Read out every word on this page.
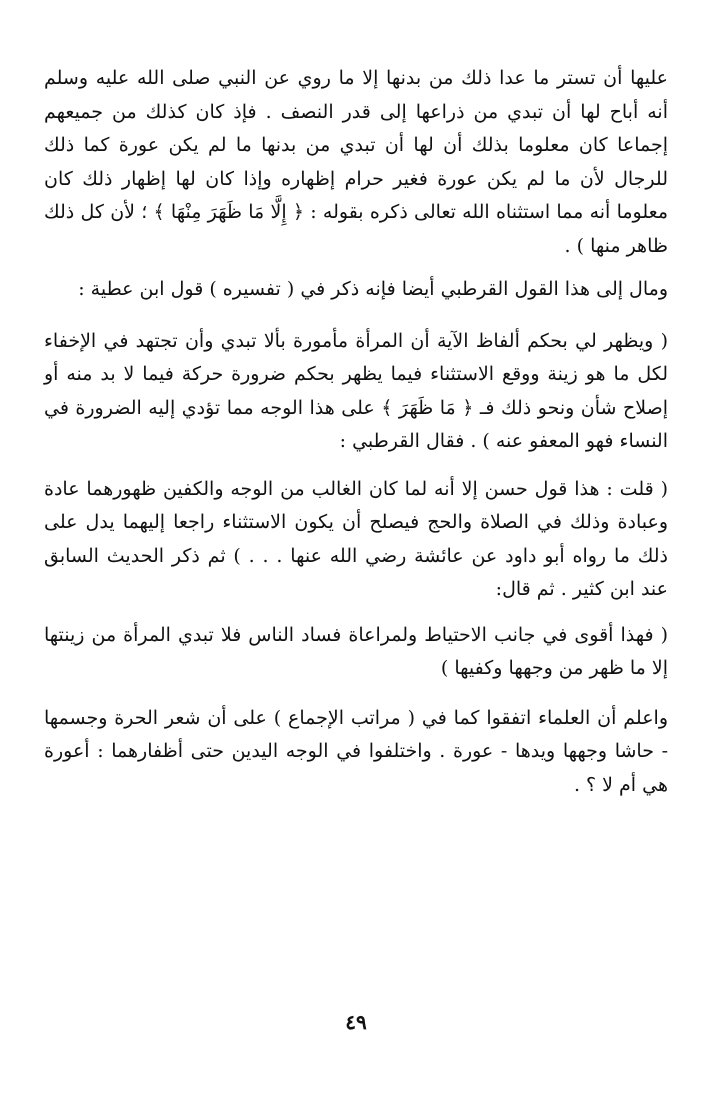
عليها أن تستر ما عدا ذلك من بدنها إلا ما روي عن النبي صلى الله عليه وسلم أنه أباح لها أن تبدي من ذراعها إلى قدر النصف . فإذ كان كذلك من جميعهم إجماعا كان معلوما بذلك أن لها أن تبدي من بدنها ما لم يكن عورة كما ذلك للرجال لأن ما لم يكن عورة فغير حرام إظهاره وإذا كان لها إظهار ذلك كان معلوما أنه مما استثناه الله تعالى ذكره بقوله : ﴿ إِلَّا مَا ظَهَرَ مِنْهَا ﴾ ؛ لأن كل ذلك ظاهر منها ) .

ومال إلى هذا القول القرطبي أيضا فإنه ذكر في ( تفسيره ) قول ابن عطية :

( ويظهر لي بحكم ألفاظ الآية أن المرأة مأمورة بألا تبدي وأن تجتهد في الإخفاء لكل ما هو زينة ووقع الاستثناء فيما يظهر بحكم ضرورة حركة فيما لا بد منه أو إصلاح شأن ونحو ذلك فـ ﴿ مَا ظَهَرَ ﴾ على هذا الوجه مما تؤدي إليه الضرورة في النساء فهو المعفو عنه ) . فقال القرطبي :

( قلت : هذا قول حسن إلا أنه لما كان الغالب من الوجه والكفين ظهورهما عادة وعبادة وذلك في الصلاة والحج فيصلح أن يكون الاستثناء راجعا إليهما يدل على ذلك ما رواه أبو داود عن عائشة رضي الله عنها . . . ) ثم ذكر الحديث السابق عند ابن كثير . ثم قال:

( فهذا أقوى في جانب الاحتياط ولمراعاة فساد الناس فلا تبدي المرأة من زينتها إلا ما ظهر من وجهها وكفيها )

واعلم أن العلماء اتفقوا كما في ( مراتب الإجماع ) على أن شعر الحرة وجسمها - حاشا وجهها ويدها - عورة . واختلفوا في الوجه اليدين حتى أظفارهما : أعورة هي أم لا ؟ .

٤٩
